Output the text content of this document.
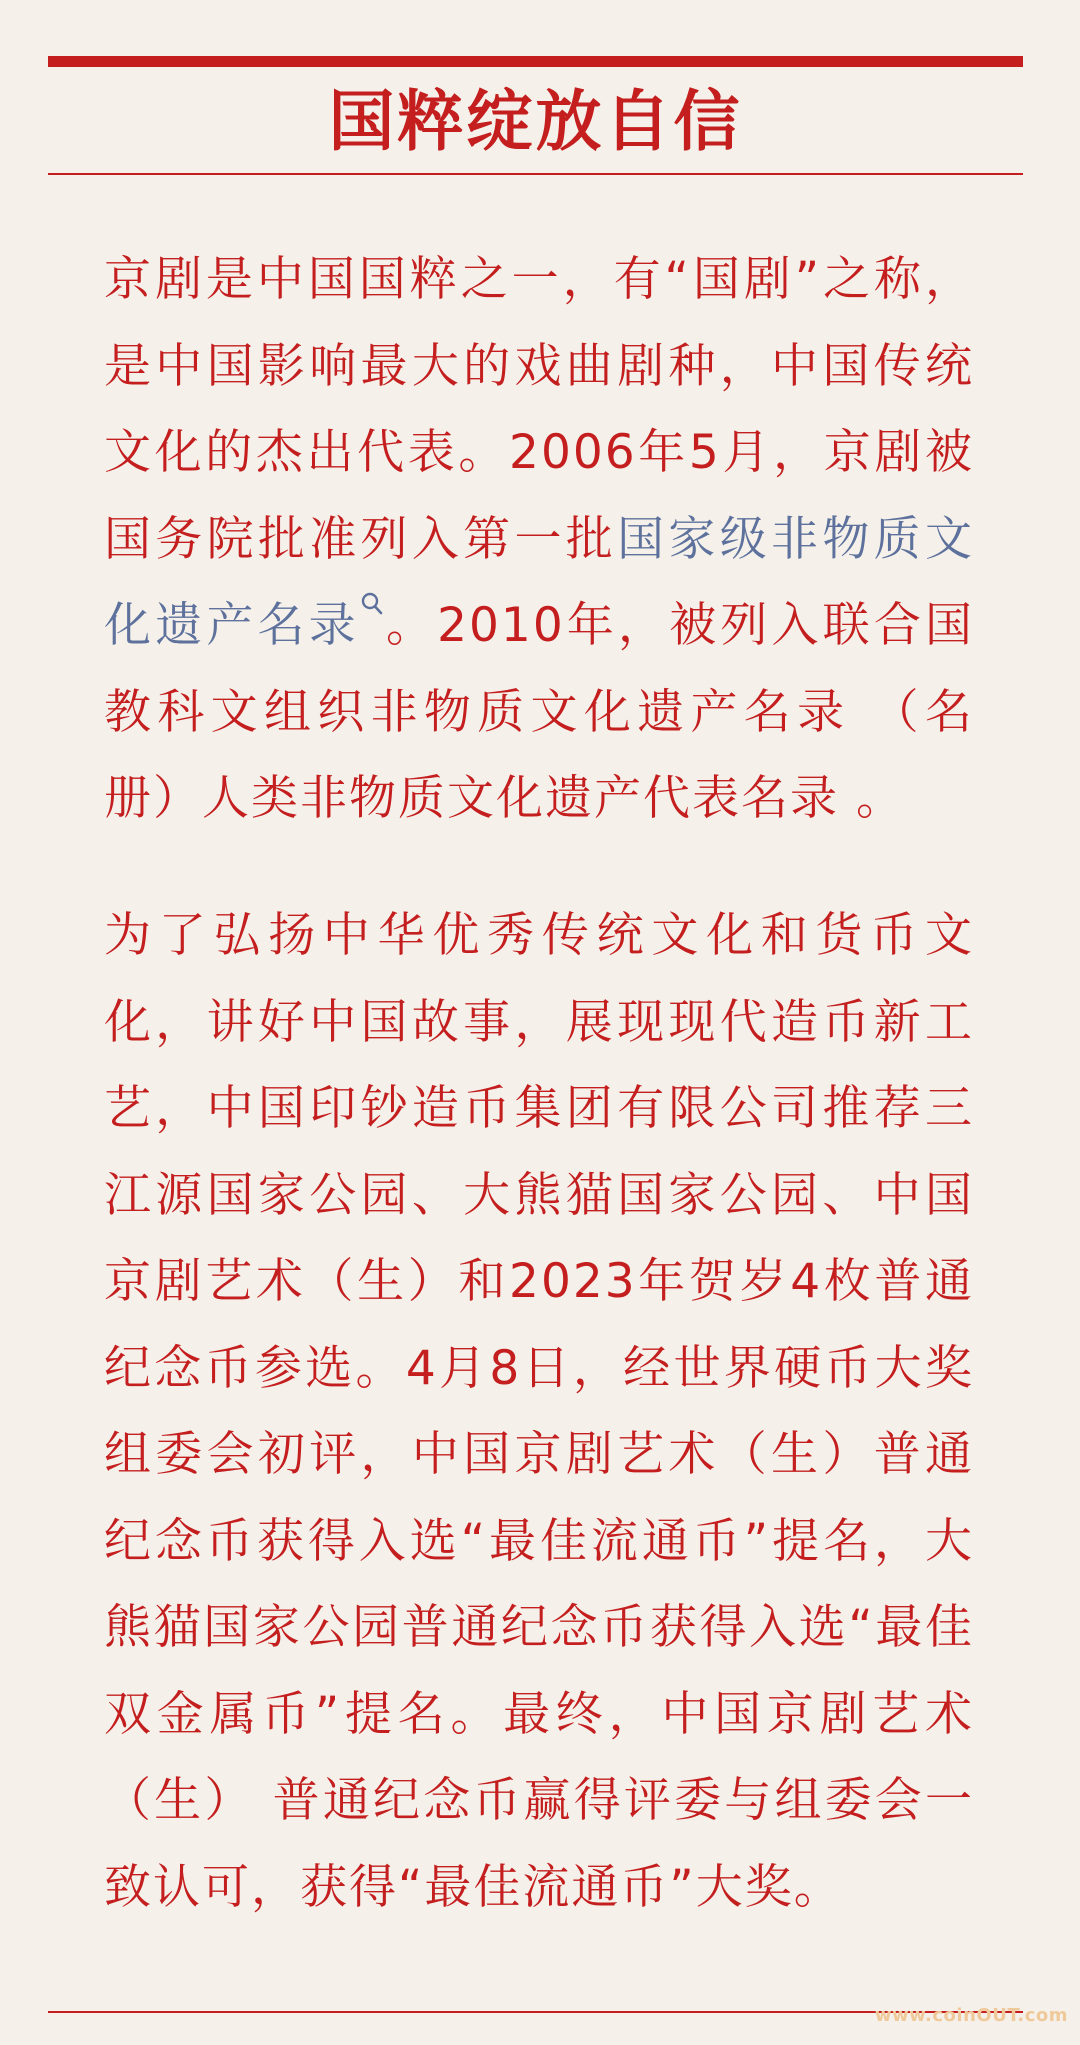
国粹绽放自信
京剧是中国国粹之一，有“国剧”之称，是中国影响最大的戏曲剧种，中国传统文化的杰出代表。2006年5月，京剧被国务院批准列入第一批国家级非物质文化遗产名录 。2010年，被列入联合国教科文组织非物质文化遗产名录 （名册）人类非物质文化遗产代表名录 。
为了弘扬中华优秀传统文化和货币文化，讲好中国故事，展现现代造币新工艺，中国印钞造币集团有限公司推荐三江源国家公园、大熊猫国家公园、中国京剧艺术（生）和2023年贺岁4枚普通纪念币参选。4月8日，经世界硬币大奖组委会初评，中国京剧艺术（生）普通纪念币获得入选“最佳流通币”提名，大熊猫国家公园普通纪念币获得入选“最佳双金属币”提名。最终，中国京剧艺术（生） 普通纪念币赢得评委与组委会一致认可，获得“最佳流通币”大奖。
www.coinOUT.com
